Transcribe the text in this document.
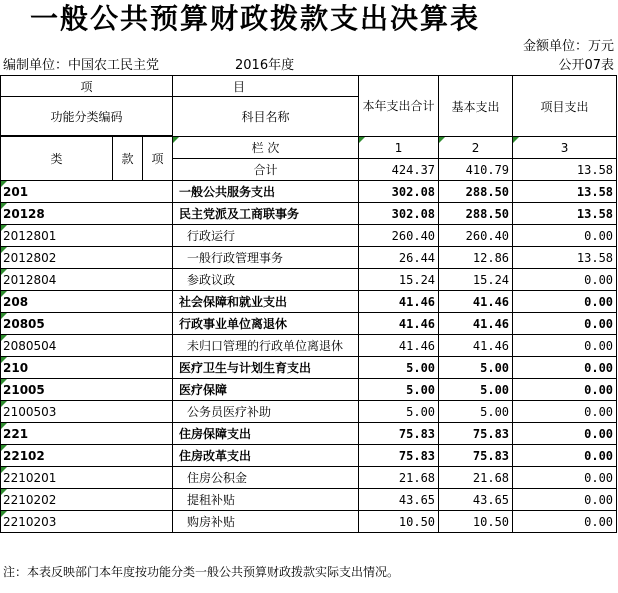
一般公共预算财政拨款支出决算表
金额单位：万元
编制单位：中国农工民主党	2016年度	公开07表
项			目	本年支出合计	基本支出	项目支出
功能分类编码			科目名称			

类	款	项	栏 次	1	2	3
			合计	424.37	410.79	13.58
201			一般公共服务支出	302.08	288.50	13.58
20128			民主党派及工商联事务	302.08	288.50	13.58
2012801			行政运行	260.40	260.40	0.00
2012802			一般行政管理事务	26.44	12.86	13.58
2012804			参政议政	15.24	15.24	0.00
208			社会保障和就业支出	41.46	41.46	0.00
20805			行政事业单位离退休	41.46	41.46	0.00
2080504			未归口管理的行政单位离退休	41.46	41.46	0.00
210			医疗卫生与计划生育支出	5.00	5.00	0.00
21005			医疗保障	5.00	5.00	0.00
2100503			公务员医疗补助	5.00	5.00	0.00
221			住房保障支出	75.83	75.83	0.00
22102			住房改革支出	75.83	75.83	0.00
2210201			住房公积金	21.68	21.68	0.00
2210202			提租补贴	43.65	43.65	0.00
2210203			购房补贴	10.50	10.50	0.00
注：本表反映部门本年度按功能分类一般公共预算财政拨款实际支出情况。
